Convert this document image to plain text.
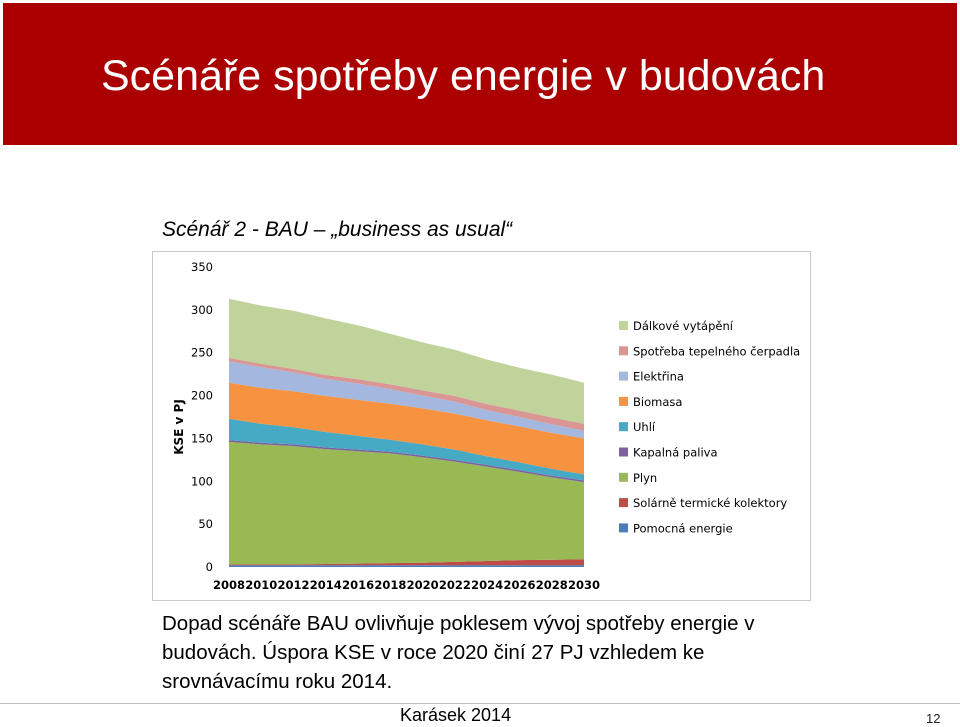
Scénáře spotřeby energie v budovách
Scénář 2 - BAU – „business as usual“
0
50
100
150
200
250
300
350
2008 2010 2012 2014 2016 2018 2020 2022 2024 2026 2028 2030
KSE v PJ
Dálkové vytápění
Spotřeba tepelného čerpadla
Elektřina
Biomasa
Uhlí
Kapalná paliva
Plyn
Solárně termické kolektory
Pomocná energie
Dopad scénáře BAU ovlivňuje poklesem vývoj spotřeby energie v budovách. Úspora KSE v roce 2020 činí 27 PJ vzhledem ke srovnávacímu roku 2014.
Karásek 2014	12
